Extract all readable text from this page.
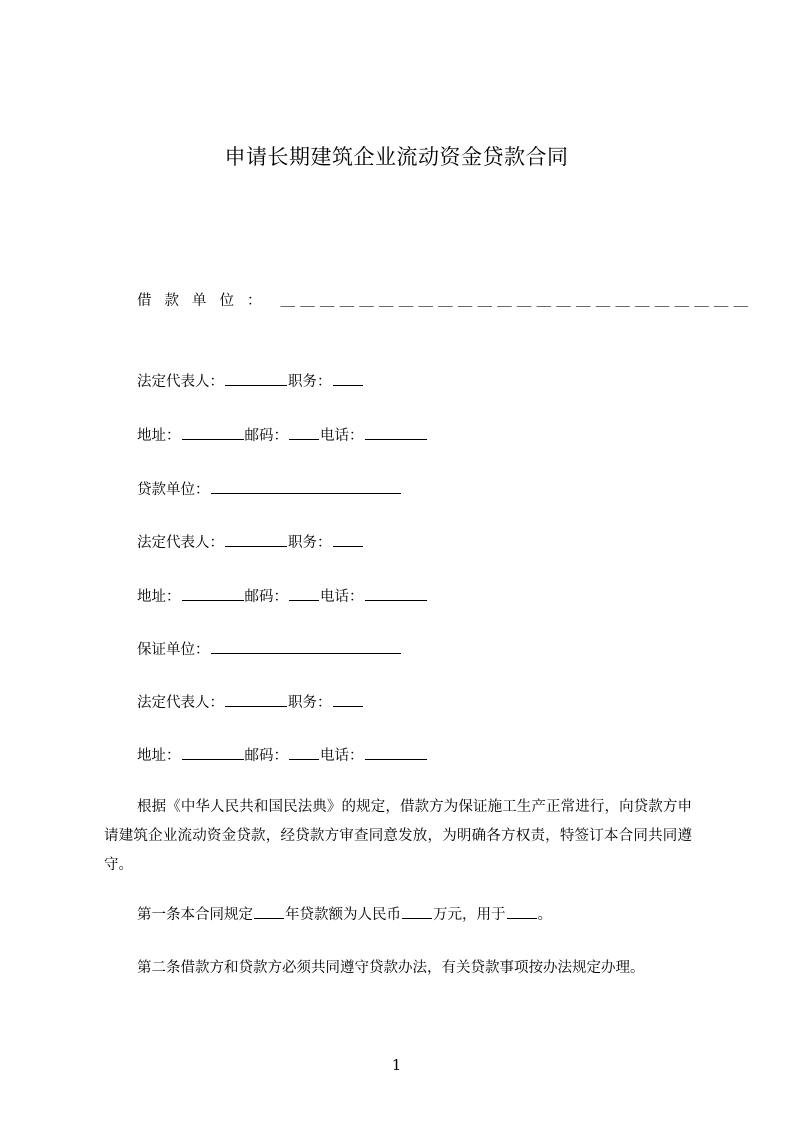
申请长期建筑企业流动资金贷款合同
借款单位： ＿＿＿＿＿＿＿＿＿＿＿＿＿＿＿＿＿＿＿＿＿＿＿＿
法定代表人：	职务：
地址：	邮码： 电话：
贷款单位：
法定代表人：	职务：
地址：	邮码： 电话：
保证单位：
法定代表人：	职务：
地址：	邮码： 电话：
根据《中华人民共和国民法典》的规定，借款方为保证施工生产正常进行，向贷款方申请建筑企业流动资金贷款，经贷款方审查同意发放，为明确各方权责，特签订本合同共同遵守。
第一条本合同规定 年贷款额为人民币 万元，用于 。
第二条借款方和贷款方必须共同遵守贷款办法，有关贷款事项按办法规定办理。
1
